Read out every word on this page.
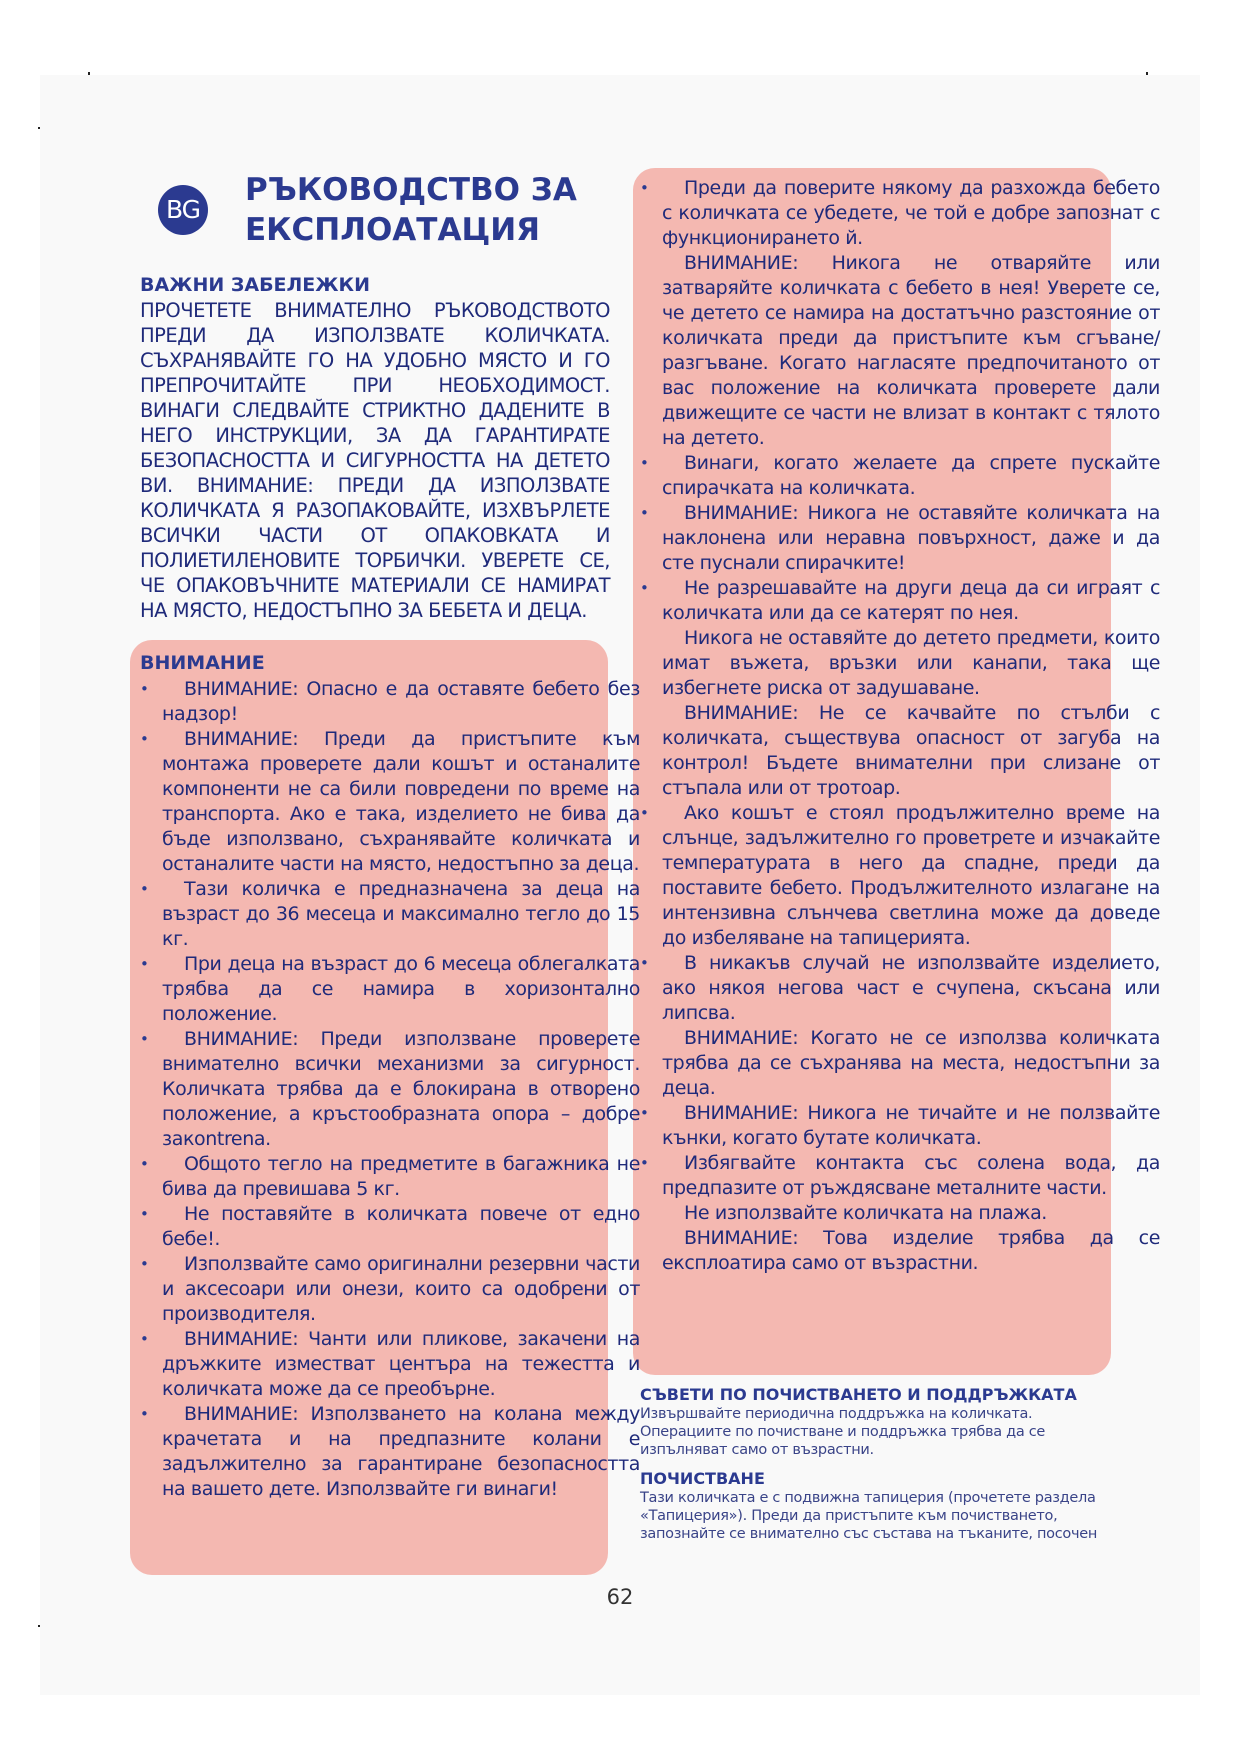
BG
РЪКОВОДСТВО ЗА ЕКСПЛОАТАЦИЯ
ВАЖНИ ЗАБЕЛЕЖКИ

ПРОЧЕТЕТЕ ВНИМАТЕЛНО РЪКОВОДСТВОТО ПРЕДИ ДА ИЗПОЛЗВАТЕ КОЛИЧКАТА. СЪХРАНЯВАЙТЕ ГО НА УДОБНО МЯСТО И ГО ПРЕПРОЧИТАЙТЕ ПРИ НЕОБХОДИМОСТ. ВИНАГИ СЛЕДВАЙТЕ СТРИКТНО ДАДЕНИТЕ В НЕГО ИНСТРУКЦИИ, ЗА ДА ГАРАНТИРАТЕ БЕЗОПАСНОСТТА И СИГУРНОСТТА НА ДЕТЕТО ВИ. ВНИМАНИЕ: ПРЕДИ ДА ИЗПОЛЗВАТЕ КОЛИЧКАТА Я РАЗОПАКОВАЙТЕ, ИЗХВЪРЛЕТЕ ВСИЧКИ ЧАСТИ ОТ ОПАКОВКАТА И ПОЛИЕТИЛЕНОВИТЕ ТОРБИЧКИ. УВЕРЕТЕ СЕ, ЧЕ ОПАКОВЪЧНИТЕ МАТЕРИАЛИ СЕ НАМИРАТ НА МЯСТО, НЕДОСТЪПНО ЗА БЕБЕТА И ДЕЦА.

ВНИМАНИЕ
• ВНИМАНИЕ: Опасно е да оставяте бебето без надзор!
• ВНИМАНИЕ: Преди да пристъпите към монтажа проверете дали кошът и останалите компоненти не са били повредени по време на транспорта. Ако е така, изделието не бива да бъде използвано, съхранявайте количката и останалите части на място, недостъпно за деца.
• Тази количка е предназначена за деца на възраст до 36 месеца и максимално тегло до 15 кг.
• При деца на възраст до 6 месеца облегалката трябва да се намира в хоризонтално положение.
• ВНИМАНИЕ: Преди използване проверете внимателно всички механизми за сигурност. Количката трябва да е блокирана в отворено положение, а кръстообразната опора – добре закontrena.
• Общото тегло на предметите в багажника не бива да превишава 5 кг.
• Не поставяйте в количката повече от едно бебе!.
• Използвайте само оригинални резервни части и аксесоари или онези, които са одобрени от производителя.
• ВНИМАНИЕ: Чанти или пликове, закачени на дръжките изместват центъра на тежестта и количката може да се преобърне.
• ВНИМАНИЕ: Използването на колана между крачетата и на предпазните колани е задължително за гарантиране безопасността на вашето дете. Използвайте ги винаги!
• Преди да поверите някому да разхожда бебето с количката се убедете, че той е добре запознат с функционирането й.
ВНИМАНИЕ: Никога не отваряйте или затваряйте количката с бебето в нея! Уверете се, че детето се намира на достатъчно разстояние от количката преди да пристъпите към сгъване/разгъване. Когато нагласяте предпочитаното от вас положение на количката проверете дали движещите се части не влизат в контакт с тялото на детето.
• Винаги, когато желаете да спрете пускайте спирачката на количката.
• ВНИМАНИЕ: Никога не оставяйте количката на наклонена или неравна повърхност, даже и да сте пуснали спирачките!
• Не разрешавайте на други деца да си играят с количката или да се катерят по нея.
Никога не оставяйте до детето предмети, които имат въжета, връзки или канапи, така ще избегнете риска от задушаване.
ВНИМАНИЕ: Не се качвайте по стълби с количката, съществува опасност от загуба на контрол! Бъдете внимателни при слизане от стъпала или от тротоар.
• Ако кошът е стоял продължително време на слънце, задължително го проветрете и изчакайте температурата в него да спадне, преди да поставите бебето. Продължителното излагане на интензивна слънчева светлина може да доведе до избеляване на тапицерията.
• В никакъв случай не използвайте изделието, ако някоя негова част е счупена, скъсана или липсва.
ВНИМАНИЕ: Когато не се използва количката трябва да се съхранява на места, недостъпни за деца.
• ВНИМАНИЕ: Никога не тичайте и не ползвайте кънки, когато бутате количката.
• Избягвайте контакта със солена вода, да предпазите от ръждясване металните части.
Не използвайте количката на плажа.
ВНИМАНИЕ: Това изделие трябва да се експлоатира само от възрастни.
СЪВЕТИ ПО ПОЧИСТВАНЕТО И ПОДДРЪЖКАТА

Извършвайте периодична поддръжка на количката. Операциите по почистване и поддръжка трябва да се изпълняват само от възрастни.

ПОЧИСТВАНЕ

Тази количката е с подвижна тапицерия (прочетете раздела «Тапицерия»). Преди да пристъпите към почистването, запознайте се внимателно със състава на тъканите, посочен

62
